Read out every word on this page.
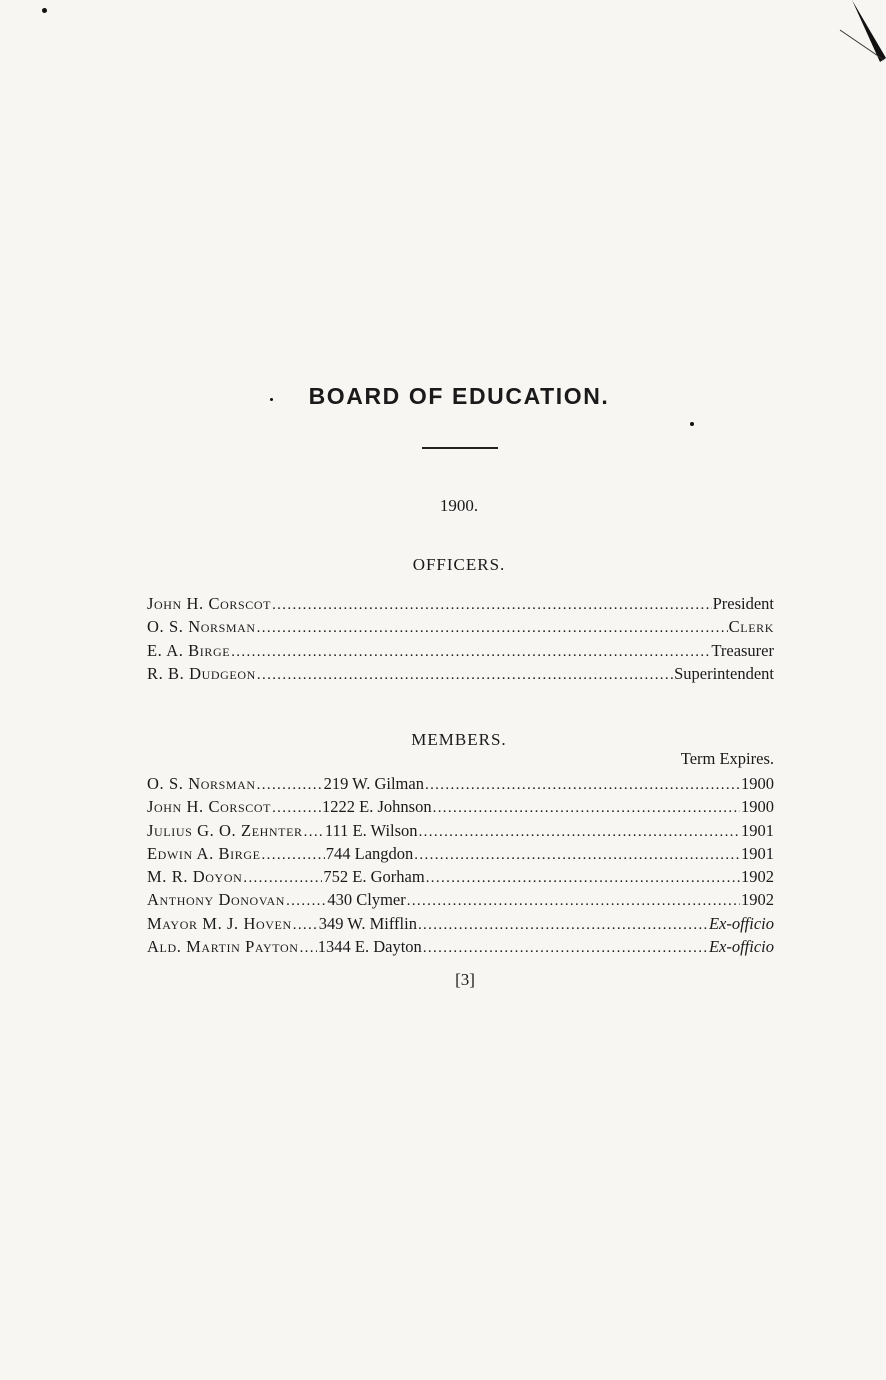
BOARD OF EDUCATION.
1900.
OFFICERS.
John H. Corscot . . .	President
O. S. Norsman . . .	Clerk
E. A. Birge . . .	Treasurer
R. B. Dudgeon . . .	Superintendent
MEMBERS.
Term Expires.
O. S. Norsman . . .	219 W. Gilman . . .	1900
John H. Corscot . . .	1222 E. Johnson . . .	1900
Julius G. O. Zehnter . . . 111 E. Wilson . . .	1901
Edwin A. Birge . . .	744 Langdon . . .	1901
M. R. Doyon . . .	752 E. Gorham . . .	1902
Anthony Donovan . . .	430 Clymer . . .	1902
Mayor M. J. Hoven . . . 349 W. Mifflin . . .	Ex-officio
Ald. Martin Payton . . . 1344 E. Dayton . . .	Ex-officio
[3]
